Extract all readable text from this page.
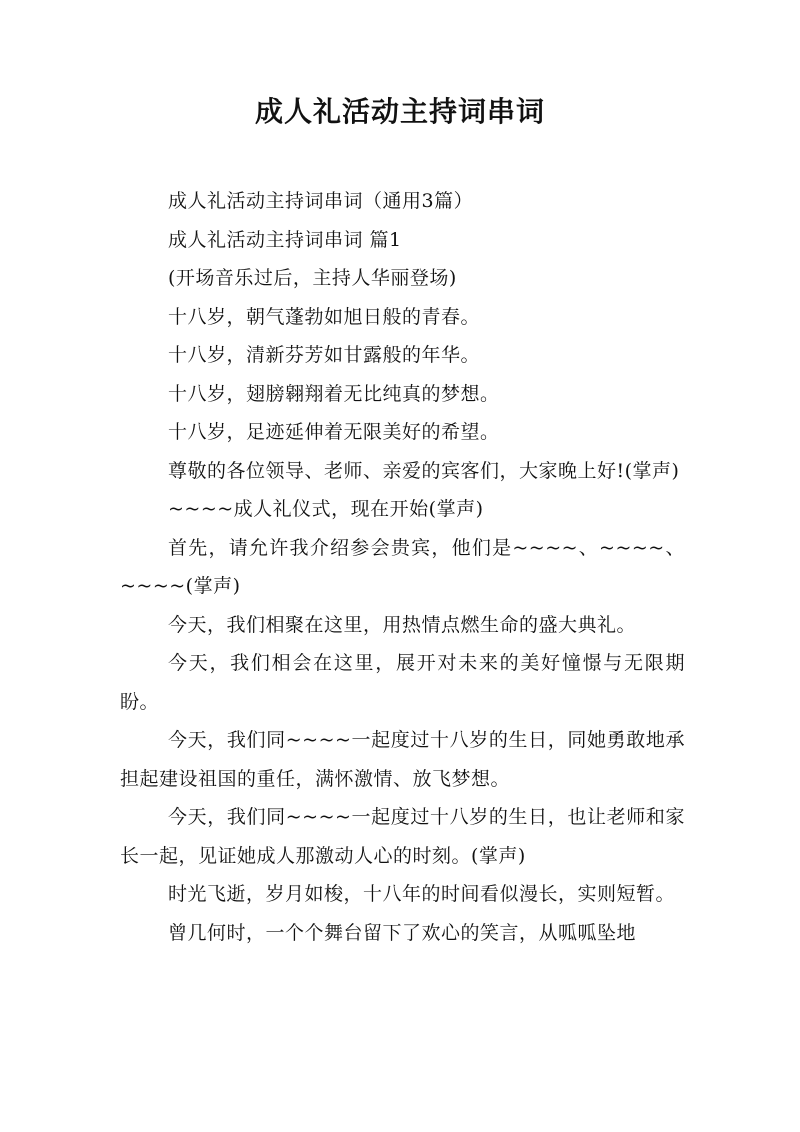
成人礼活动主持词串词

成人礼活动主持词串词（通用3篇）

成人礼活动主持词串词 篇1

(开场音乐过后，主持人华丽登场)

十八岁，朝气蓬勃如旭日般的青春。

十八岁，清新芬芳如甘露般的年华。

十八岁，翅膀翱翔着无比纯真的梦想。

十八岁，足迹延伸着无限美好的希望。

尊敬的各位领导、老师、亲爱的宾客们，大家晚上好!(掌声)

~~~~成人礼仪式，现在开始(掌声)

首先，请允许我介绍参会贵宾，他们是~~~~、~~~~、~~~~(掌声)

今天，我们相聚在这里，用热情点燃生命的盛大典礼。

今天，我们相会在这里，展开对未来的美好憧憬与无限期盼。

今天，我们同~~~~一起度过十八岁的生日，同她勇敢地承担起建设祖国的重任，满怀激情、放飞梦想。

今天，我们同~~~~一起度过十八岁的生日，也让老师和家长一起，见证她成人那激动人心的时刻。(掌声)

时光飞逝，岁月如梭，十八年的时间看似漫长，实则短暂。

曾几何时，一个个舞台留下了欢心的笑言，从呱呱坠地
